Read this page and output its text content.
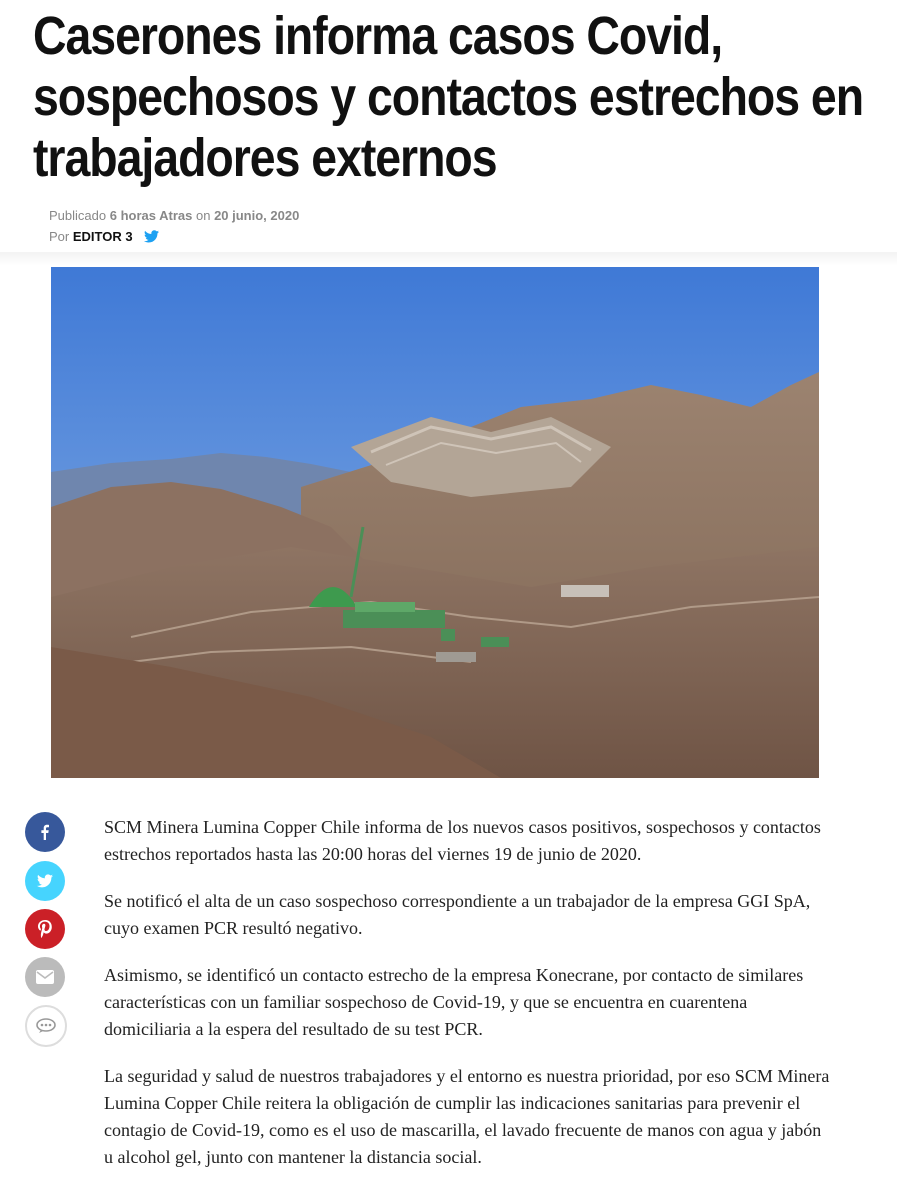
Caserones informa casos Covid,
sospechosos y contactos estrechos en
trabajadores externos
Publicado 6 horas Atras on 20 junio, 2020
Por EDITOR 3

SCM Minera Lumina Copper Chile informa de los nuevos casos positivos, sospechosos y contactos estrechos reportados hasta las 20:00 horas del viernes 19 de junio de 2020.

Se notificó el alta de un caso sospechoso correspondiente a un trabajador de la empresa GGI SpA, cuyo examen PCR resultó negativo.

Asimismo, se identificó un contacto estrecho de la empresa Konecrane, por contacto de similares características con un familiar sospechoso de Covid-19, y que se encuentra en cuarentena domiciliaria a la espera del resultado de su test PCR.

La seguridad y salud de nuestros trabajadores y el entorno es nuestra prioridad, por eso SCM Minera Lumina Copper Chile reitera la obligación de cumplir las indicaciones sanitarias para prevenir el contagio de Covid-19, como es el uso de mascarilla, el lavado frecuente de manos con agua y jabón u alcohol gel, junto con mantener la distancia social.
